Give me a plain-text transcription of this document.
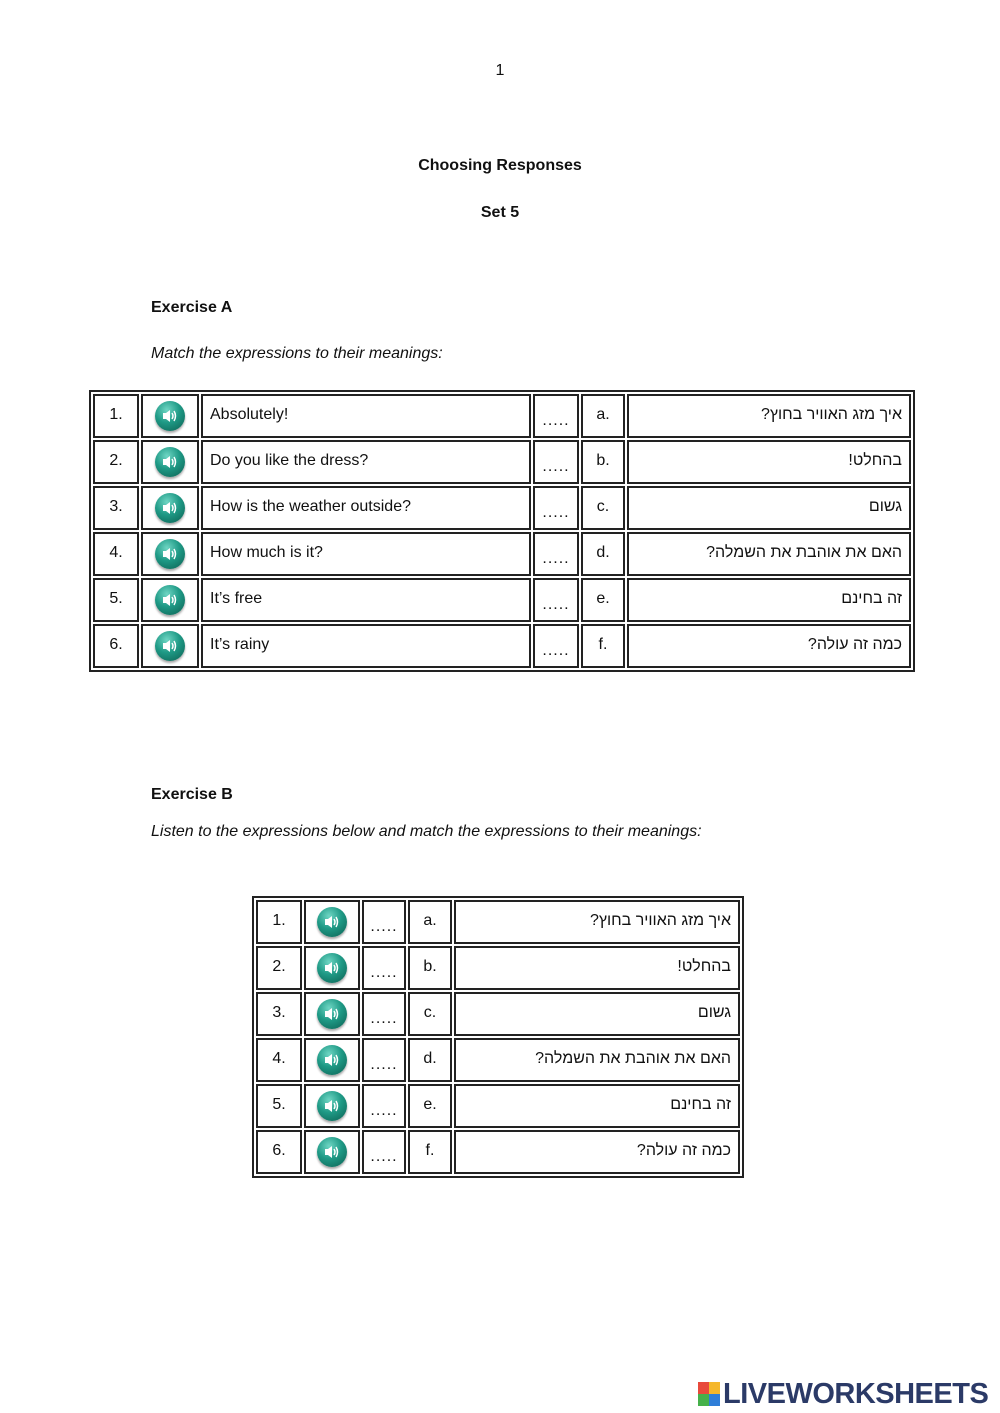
1
Choosing Responses
Set 5
Exercise A
Match the expressions to their meanings:
1.		Absolutely!	.....	a.	איך מזג האוויר בחוץ?
2.		Do you like the dress?	.....	b.	בהחלט!
3.		How is the weather outside?	.....	c.	גשום
4.		How much is it?	.....	d.	האם את אוהבת את השמלה?
5.		It’s free	.....	e.	זה בחינם
6.		It’s rainy	.....	f.	כמה זה עולה?
Exercise B
Listen to the expressions below and match the expressions to their meanings:
1.		.....	a.	איך מזג האוויר בחוץ?
2.		.....	b.	בהחלט!
3.		.....	c.	גשום
4.		.....	d.	האם את אוהבת את השמלה?
5.		.....	e.	זה בחינם
6.		.....	f.	כמה זה עולה?
LIVEWORKSHEETS
